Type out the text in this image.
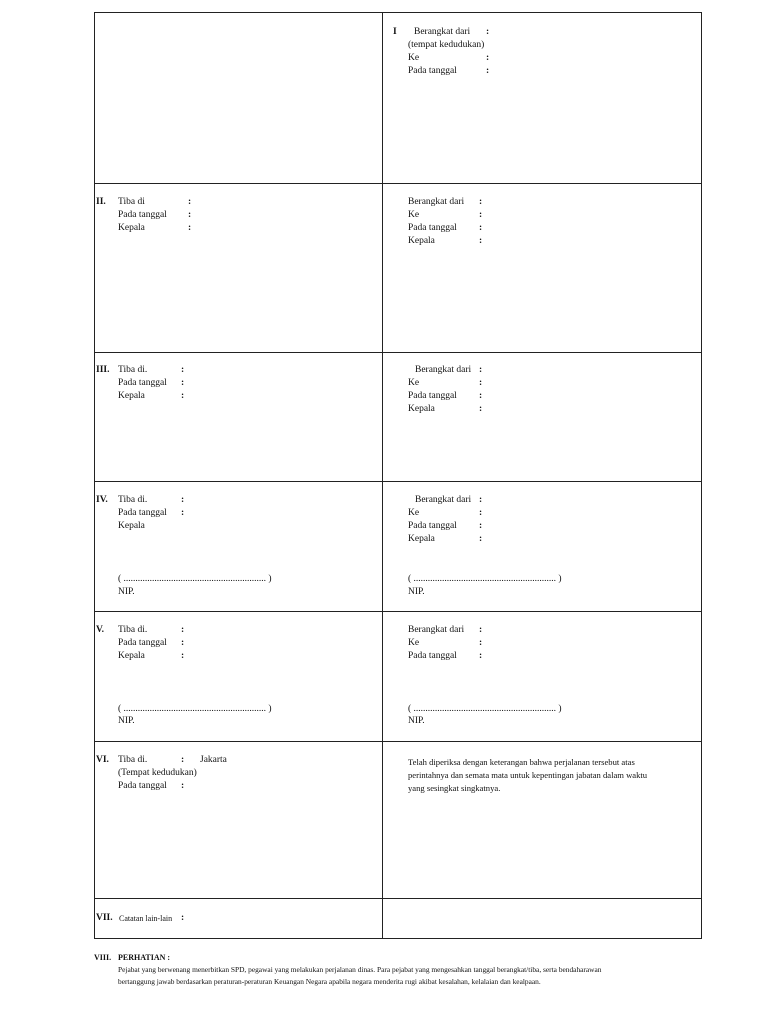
I Berangkat dari :
(tempat kedudukan)
Ke	:
Pada tanggal	:
II. Tiba di	:
Pada tanggal :
Kepala	:
Berangkat dari :
Ke	:
Pada tanggal :
Kepala	:
III. Tiba di.	:
Pada tanggal :
Kepala	:
Berangkat dari :
Ke	:
Pada tanggal :
Kepala	:
IV. Tiba di.	:
Pada tanggal :
Kepala
( ............................................................ )
NIP.
Berangkat dari :
Ke	:
Pada tanggal :
Kepala	:
( ............................................................ )
NIP.
V. Tiba di.	:
Pada tanggal :
Kepala	:
( ............................................................ )
NIP.
Berangkat dari :
Ke	:
Pada tanggal :
( ............................................................ )
NIP.
VI. Tiba di.	: Jakarta
(Tempat kedudukan)
Pada tanggal :
Telah diperiksa dengan keterangan bahwa perjalanan tersebut atas perintahnya dan semata mata untuk kepentingan jabatan dalam waktu yang sesingkat singkatnya.
VII. Catatan lain-lain :
VIII. PERHATIAN :
Pejabat yang berwenang menerbitkan SPD, pegawai yang melakukan perjalanan dinas. Para pejabat yang mengesahkan tanggal berangkat/tiba, serta bendaharawan bertanggung jawab berdasarkan peraturan-peraturan Keuangan Negara apabila negara menderita rugi akibat kesalahan, kelalaian dan kealpaan.
